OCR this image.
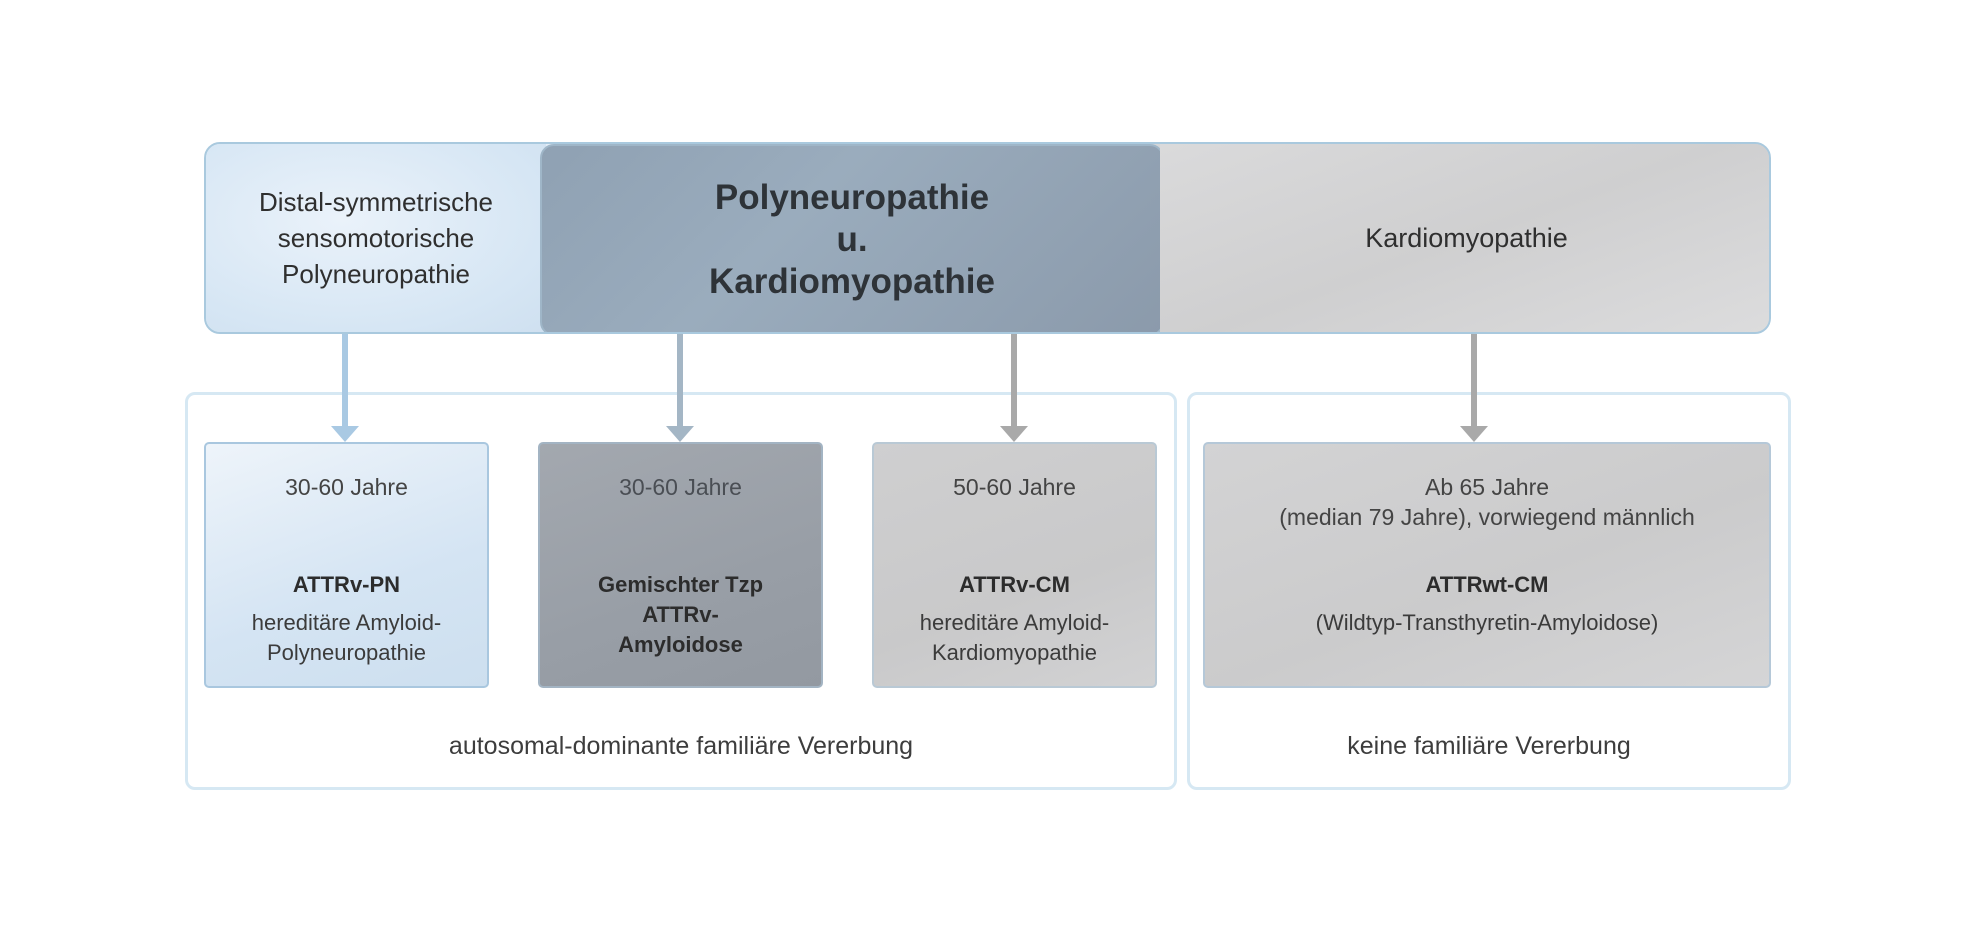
Distal-symmetrische sensomotorische Polyneuropathie
Polyneuropathie u. Kardiomyopathie
Kardiomyopathie
autosomal-dominante familiäre Vererbung	keine familiäre Vererbung
30-60 Jahre
ATTRv-PN
hereditäre Amyloid-Polyneuropathie
30-60 Jahre
Gemischter Tzp ATTRv-Amyloidose
50-60 Jahre
ATTRv-CM
hereditäre Amyloid-Kardiomyopathie
Ab 65 Jahre
(median 79 Jahre), vorwiegend männlich
ATTRwt-CM
(Wildtyp-Transthyretin-Amyloidose)
